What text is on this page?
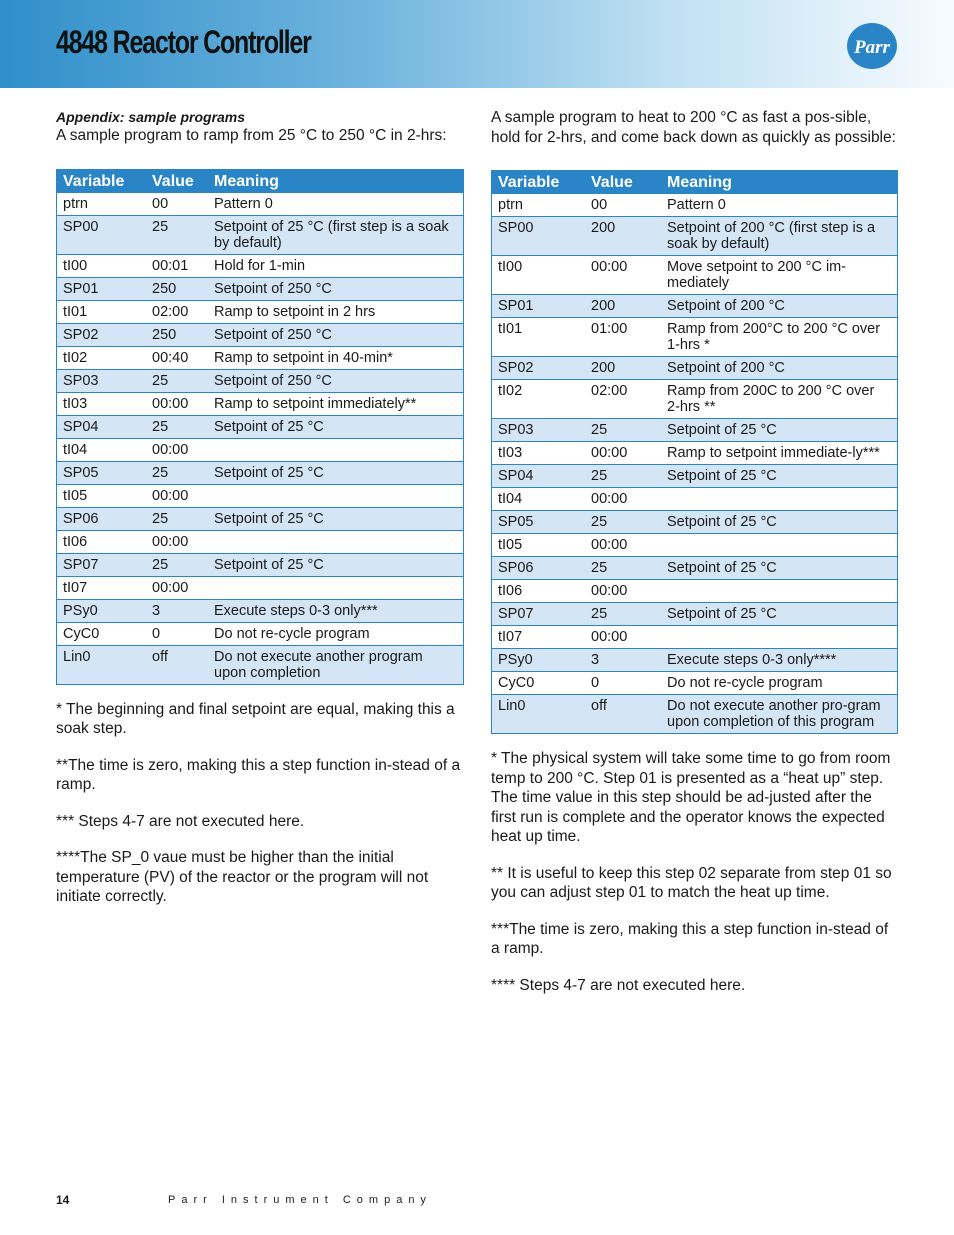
4848 Reactor Controller	Parr

Appendix: sample programs

A sample program to ramp from 25 °C to 250 °C in 2-hrs:

Variable	Value	Meaning
ptrn	00	Pattern 0
SP00	25	Setpoint of 25 °C (first step is a soak by default)
tI00	00:01	Hold for 1-min
SP01	250	Setpoint of 250 °C
tI01	02:00	Ramp to setpoint in 2 hrs
SP02	250	Setpoint of 250 °C
tI02	00:40	Ramp to setpoint in 40-min*
SP03	25	Setpoint of 250 °C
tI03	00:00	Ramp to setpoint immediately**
SP04	25	Setpoint of 25 °C
tI04	00:00	
SP05	25	Setpoint of 25 °C
tI05	00:00	
SP06	25	Setpoint of 25 °C
tI06	00:00	
SP07	25	Setpoint of 25 °C
tI07	00:00	
PSy0	3	Execute steps 0-3 only***
CyC0	0	Do not re-cycle program
Lin0	off	Do not execute another program upon completion

* The beginning and final setpoint are equal, making this a soak step.

**The time is zero, making this a step function in-stead of a ramp.

*** Steps 4-7 are not executed here.

****The SP_0 vaue must be higher than the initial temperature (PV) of the reactor or the program will not initiate correctly.

A sample program to heat to 200 °C as fast a pos-sible, hold for 2-hrs, and come back down as quickly as possible:

Variable	Value	Meaning
ptrn	00	Pattern 0
SP00	200	Setpoint of 200 °C (first step is a soak by default)
tI00	00:00	Move setpoint to 200 °C im-mediately
SP01	200	Setpoint of 200 °C
tI01	01:00	Ramp from 200°C to 200 °C over 1-hrs *
SP02	200	Setpoint of 200 °C
tI02	02:00	Ramp from 200C to 200 °C over 2-hrs **
SP03	25	Setpoint of 25 °C
tI03	00:00	Ramp to setpoint immediate-ly***
SP04	25	Setpoint of 25 °C
tI04	00:00	
SP05	25	Setpoint of 25 °C
tI05	00:00	
SP06	25	Setpoint of 25 °C
tI06	00:00	
SP07	25	Setpoint of 25 °C
tI07	00:00	
PSy0	3	Execute steps 0-3 only****
CyC0	0	Do not re-cycle program
Lin0	off	Do not execute another pro-gram upon completion of this program

* The physical system will take some time to go from room temp to 200 °C. Step 01 is presented as a “heat up” step. The time value in this step should be ad-justed after the first run is complete and the operator knows the expected heat up time.

** It is useful to keep this step 02 separate from step 01 so you can adjust step 01 to match the heat up time.

***The time is zero, making this a step function in-stead of a ramp.

**** Steps 4-7 are not executed here.

14	Parr Instrument Company
